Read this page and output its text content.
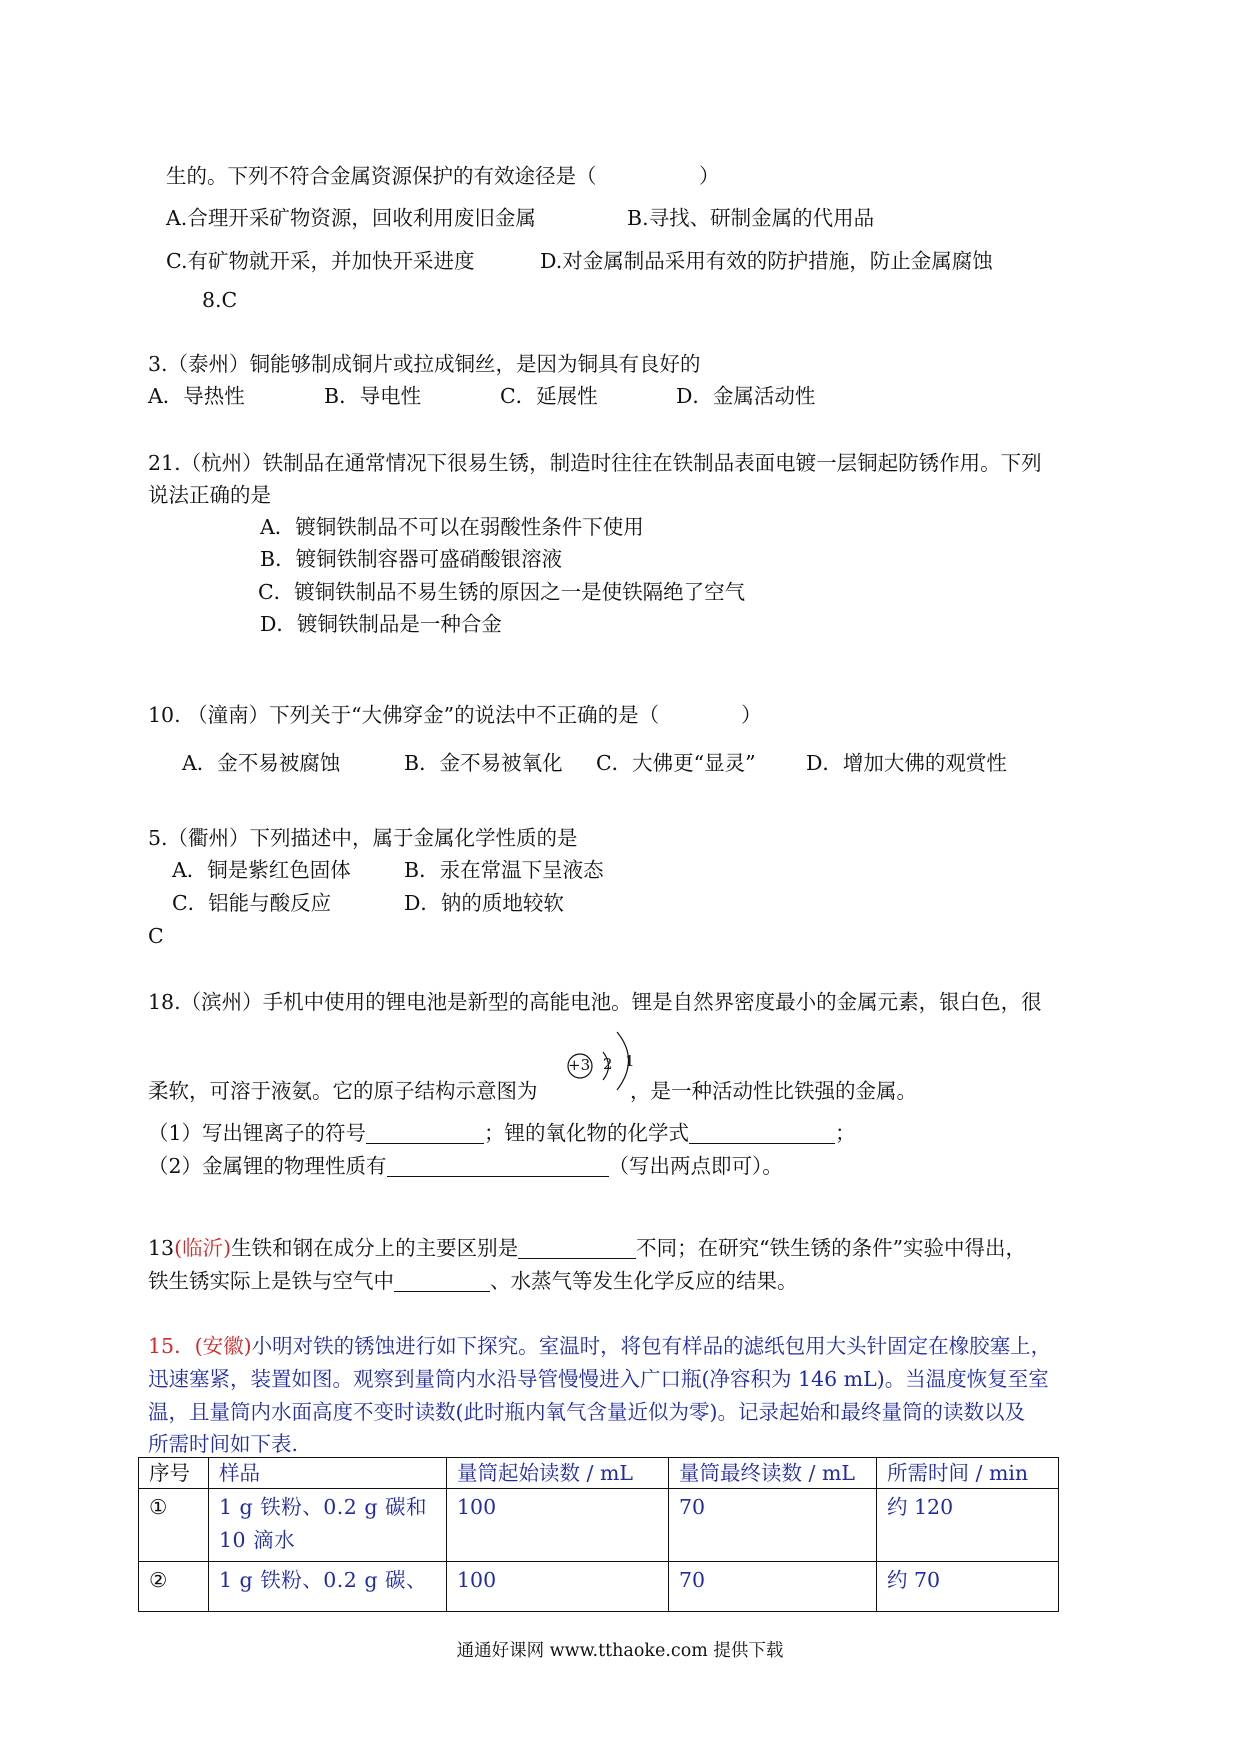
生的。下列不符合金属资源保护的有效途径是（　　　　　）
A.合理开采矿物资源，回收利用废旧金属	B.寻找、研制金属的代用品
C.有矿物就开采，并加快开采进度	D.对金属制品采用有效的防护措施，防止金属腐蚀
8.C
3.（泰州）铜能够制成铜片或拉成铜丝，是因为铜具有良好的
A．导热性	B．导电性	C．延展性	D．金属活动性
21.（杭州）铁制品在通常情况下很易生锈，制造时往往在铁制品表面电镀一层铜起防锈作用。下列
说法正确的是
A．镀铜铁制品不可以在弱酸性条件下使用
B．镀铜铁制容器可盛硝酸银溶液
C．镀铜铁制品不易生锈的原因之一是使铁隔绝了空气
D．镀铜铁制品是一种合金
10. （潼南）下列关于“大佛穿金”的说法中不正确的是（　　　　）
A．金不易被腐蚀	B．金不易被氧化 C．大佛更“显灵” D．增加大佛的观赏性
5.（衢州）下列描述中，属于金属化学性质的是
A．铜是紫红色固体	B．汞在常温下呈液态
C．铝能与酸反应	D．钠的质地较软
C
18.（滨州）手机中使用的锂电池是新型的高能电池。锂是自然界密度最小的金属元素，银白色，很
柔软，可溶于液氨。它的原子结构示意图为
+3 2 1
，是一种活动性比铁强的金属。
（1）写出锂离子的符号	；锂的氧化物的化学式	；
（2）金属锂的物理性质有	（写出两点即可）。
13(临沂)生铁和钢在成分上的主要区别是	不同；在研究“铁生锈的条件”实验中得出，
铁生锈实际上是铁与空气中	、水蒸气等发生化学反应的结果。
15．(安徽)小明对铁的锈蚀进行如下探究。室温时，将包有样品的滤纸包用大头针固定在橡胶塞上，
迅速塞紧，装置如图。观察到量筒内水沿导管慢慢进入广口瓶(净容积为 146 mL)。当温度恢复至室
温，且量筒内水面高度不变时读数(此时瓶内氧气含量近似为零)。记录起始和最终量筒的读数以及
所需时间如下表.
序号	样品	量筒起始读数 / mL	量筒最终读数 / mL	所需时间 / min
①	1 g 铁粉、0.2 g 碳和 10 滴水	100	70	约 120
②	1 g 铁粉、0.2 g 碳、	100	70	约 70
通通好课网 www.tthaoke.com 提供下载
